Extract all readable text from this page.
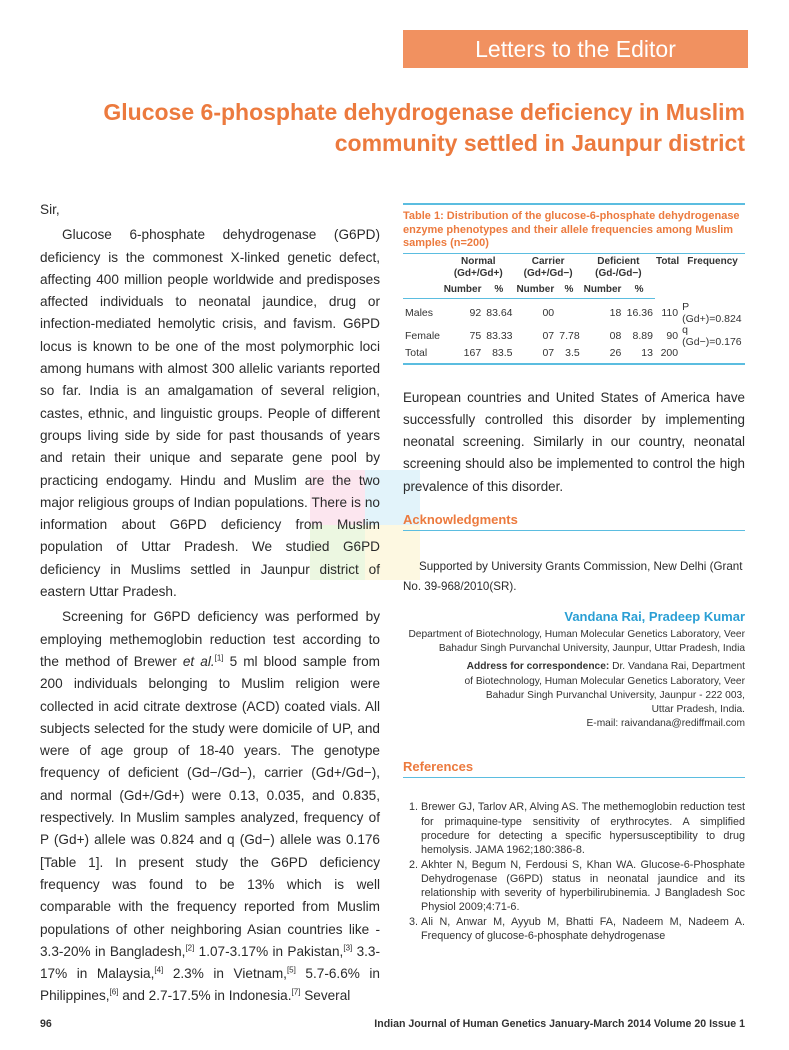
Letters to the Editor
Glucose 6-phosphate dehydrogenase deficiency in Muslim community settled in Jaunpur district

Sir,

Glucose 6-phosphate dehydrogenase (G6PD) deficiency is the commonest X-linked genetic defect, affecting 400 million people worldwide and predisposes affected individuals to neonatal jaundice, drug or infection-mediated hemolytic crisis, and favism. G6PD locus is known to be one of the most polymorphic loci among humans with almost 300 allelic variants reported so far. India is an amalgamation of several religion, castes, ethnic, and linguistic groups. People of different groups living side by side for past thousands of years and retain their unique and separate gene pool by practicing endogamy. Hindu and Muslim are the two major religious groups of Indian populations. There is no information about G6PD deficiency from Muslim population of Uttar Pradesh. We studied G6PD deficiency in Muslims settled in Jaunpur district of eastern Uttar Pradesh.

Screening for G6PD deficiency was performed by employing methemoglobin reduction test according to the method of Brewer et al.[1] 5 ml blood sample from 200 individuals belonging to Muslim religion were collected in acid citrate dextrose (ACD) coated vials. All subjects selected for the study were domicile of UP, and were of age group of 18-40 years. The genotype frequency of deficient (Gd−/Gd−), carrier (Gd+/Gd−), and normal (Gd+/Gd+) were 0.13, 0.035, and 0.835, respectively. In Muslim samples analyzed, frequency of P (Gd+) allele was 0.824 and q (Gd−) allele was 0.176 [Table 1]. In present study the G6PD deficiency frequency was found to be 13% which is well comparable with the frequency reported from Muslim populations of other neighboring Asian countries like - 3.3-20% in Bangladesh,[2] 1.07-3.17% in Pakistan,[3] 3.3-17% in Malaysia,[4] 2.3% in Vietnam,[5] 5.7-6.6% in Philippines,[6] and 2.7-17.5% in Indonesia.[7] Several

Table 1: Distribution of the glucose-6-phosphate dehydrogenase enzyme phenotypes and their allele frequencies among Muslim samples (n=200)
	Normal (Gd+/Gd+)		Carrier (Gd+/Gd−)		Deficient (Gd-/Gd−)		Total	Frequency
	Number	%	Number	%	Number	%		
Males	92	83.64	00		18	16.36	110	P (Gd+)=0.824
Female	75	83.33	07	7.78	08	8.89	90	q (Gd−)=0.176
Total	167	83.5	07	3.5	26	13	200	
European countries and United States of America have successfully controlled this disorder by implementing neonatal screening. Similarly in our country, neonatal screening should also be implemented to control the high prevalence of this disorder.
Acknowledgments
Supported by University Grants Commission, New Delhi (Grant No. 39-968/2010(SR).
Vandana Rai, Pradeep Kumar
Department of Biotechnology, Human Molecular Genetics Laboratory, Veer Bahadur Singh Purvanchal University, Jaunpur, Uttar Pradesh, India
Address for correspondence: Dr. Vandana Rai, Department of Biotechnology, Human Molecular Genetics Laboratory, Veer Bahadur Singh Purvanchal University, Jaunpur - 222 003, Uttar Pradesh, India.
E-mail: raivandana@rediffmail.com
References
1. Brewer GJ, Tarlov AR, Alving AS. The methemoglobin reduction test for primaquine-type sensitivity of erythrocytes. A simplified procedure for detecting a specific hypersusceptibility to drug hemolysis. JAMA 1962;180:386-8.
2. Akhter N, Begum N, Ferdousi S, Khan WA. Glucose-6-Phosphate Dehydrogenase (G6PD) status in neonatal jaundice and its relationship with severity of hyperbilirubinemia. J Bangladesh Soc Physiol 2009;4:71-6.
3. Ali N, Anwar M, Ayyub M, Bhatti FA, Nadeem M, Nadeem A. Frequency of glucose-6-phosphate dehydrogenase
96	Indian Journal of Human Genetics January-March 2014 Volume 20 Issue 1
